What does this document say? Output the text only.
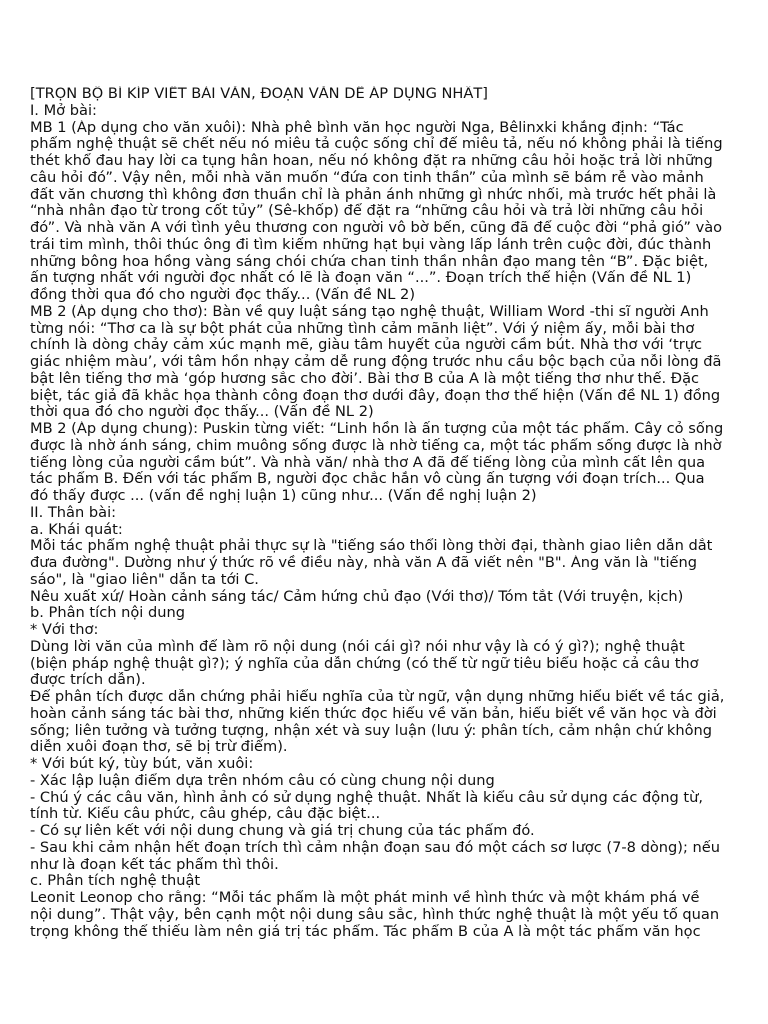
[TRỌN BỘ BÍ KÍP VIẾT BÀI VĂN, ĐOẠN VĂN DỄ ÁP DỤNG NHẤT]
I. Mở bài:
MB 1 (Áp dụng cho văn xuôi): Nhà phê bình văn học người Nga, Bêlinxki khẳng định: “Tác
phẩm nghệ thuật sẽ chết nếu nó miêu tả cuộc sống chỉ để miêu tả, nếu nó không phải là tiếng
thét khổ đau hay lời ca tụng hân hoan, nếu nó không đặt ra những câu hỏi hoặc trả lời những
câu hỏi đó”. Vậy nên, mỗi nhà văn muốn “đứa con tinh thần” của mình sẽ bám rễ vào mảnh
đất văn chương thì không đơn thuần chỉ là phản ánh những gì nhức nhối, mà trước hết phải là
“nhà nhân đạo từ trong cốt tủy” (Sê-khốp) để đặt ra “những câu hỏi và trả lời những câu hỏi
đó”. Và nhà văn A với tình yêu thương con người vô bờ bến, cũng đã để cuộc đời “phả gió” vào
trái tim mình, thôi thúc ông đi tìm kiếm những hạt bụi vàng lấp lánh trên cuộc đời, đúc thành
những bông hoa hồng vàng sáng chói chứa chan tinh thần nhân đạo mang tên “B”. Đặc biệt,
ấn tượng nhất với người đọc nhất có lẽ là đoạn văn “...”. Đoạn trích thể hiện (Vấn đề NL 1)
đồng thời qua đó cho người đọc thấy... (Vấn đề NL 2)
MB 2 (Áp dụng cho thơ): Bàn về quy luật sáng tạo nghệ thuật, William Word -thi sĩ người Anh
từng nói: “Thơ ca là sự bột phát của những tình cảm mãnh liệt”. Với ý niệm ấy, mỗi bài thơ
chính là dòng chảy cảm xúc mạnh mẽ, giàu tâm huyết của người cầm bút. Nhà thơ với ‘trực
giác nhiệm màu’, với tâm hồn nhạy cảm dễ rung động trước nhu cầu bộc bạch của nỗi lòng đã
bật lên tiếng thơ mà ‘góp hương sắc cho đời’. Bài thơ B của A là một tiếng thơ như thế. Đặc
biệt, tác giả đã khắc họa thành công đoạn thơ dưới đây, đoạn thơ thể hiện (Vấn đề NL 1) đồng
thời qua đó cho người đọc thấy... (Vấn đề NL 2)
MB 2 (Áp dụng chung): Puskin từng viết: “Linh hồn là ấn tượng của một tác phẩm. Cây cỏ sống
được là nhờ ánh sáng, chim muông sống được là nhờ tiếng ca, một tác phẩm sống được là nhờ
tiếng lòng của người cầm bút”. Và nhà văn/ nhà thơ A đã để tiếng lòng của mình cất lên qua
tác phẩm B. Đến với tác phẩm B, người đọc chắc hẳn vô cùng ấn tượng với đoạn trích... Qua
đó thấy được ... (vấn đề nghị luận 1) cũng như... (Vấn đề nghị luận 2)
II. Thân bài:
a. Khái quát:
Mỗi tác phẩm nghệ thuật phải thực sự là "tiếng sáo thổi lòng thời đại, thành giao liên dẫn dắt
đưa đường". Dường như ý thức rõ về điều này, nhà văn A đã viết nên "B". Áng văn là "tiếng
sáo", là "giao liên" dẫn ta tới C.
Nêu xuất xứ/ Hoàn cảnh sáng tác/ Cảm hứng chủ đạo (Với thơ)/ Tóm tắt (Với truyện, kịch)
b. Phân tích nội dung
* Với thơ:
Dùng lời văn của mình để làm rõ nội dung (nói cái gì? nói như vậy là có ý gì?); nghệ thuật
(biện pháp nghệ thuật gì?); ý nghĩa của dẫn chứng (có thể từ ngữ tiêu biểu hoặc cả câu thơ
được trích dẫn).
Để phân tích được dẫn chứng phải hiểu nghĩa của từ ngữ, vận dụng những hiểu biết về tác giả,
hoàn cảnh sáng tác bài thơ, những kiến thức đọc hiểu về văn bản, hiểu biết về văn học và đời
sống; liên tưởng và tưởng tượng, nhận xét và suy luận (lưu ý: phân tích, cảm nhận chứ không
diễn xuôi đoạn thơ, sẽ bị trừ điểm).
* Với bút ký, tùy bút, văn xuôi:
- Xác lập luận điểm dựa trên nhóm câu có cùng chung nội dung
- Chú ý các câu văn, hình ảnh có sử dụng nghệ thuật. Nhất là kiểu câu sử dụng các động từ,
tính từ. Kiểu câu phức, câu ghép, câu đặc biệt...
- Có sự liên kết với nội dung chung và giá trị chung của tác phẩm đó.
- Sau khi cảm nhận hết đoạn trích thì cảm nhận đoạn sau đó một cách sơ lược (7-8 dòng); nếu
như là đoạn kết tác phẩm thì thôi.
c. Phân tích nghệ thuật
Leonit Leonop cho rằng: “Mỗi tác phẩm là một phát minh về hình thức và một khám phá về
nội dung”. Thật vậy, bên cạnh một nội dung sâu sắc, hình thức nghệ thuật là một yếu tố quan
trọng không thể thiếu làm nên giá trị tác phẩm. Tác phẩm B của A là một tác phẩm văn học
